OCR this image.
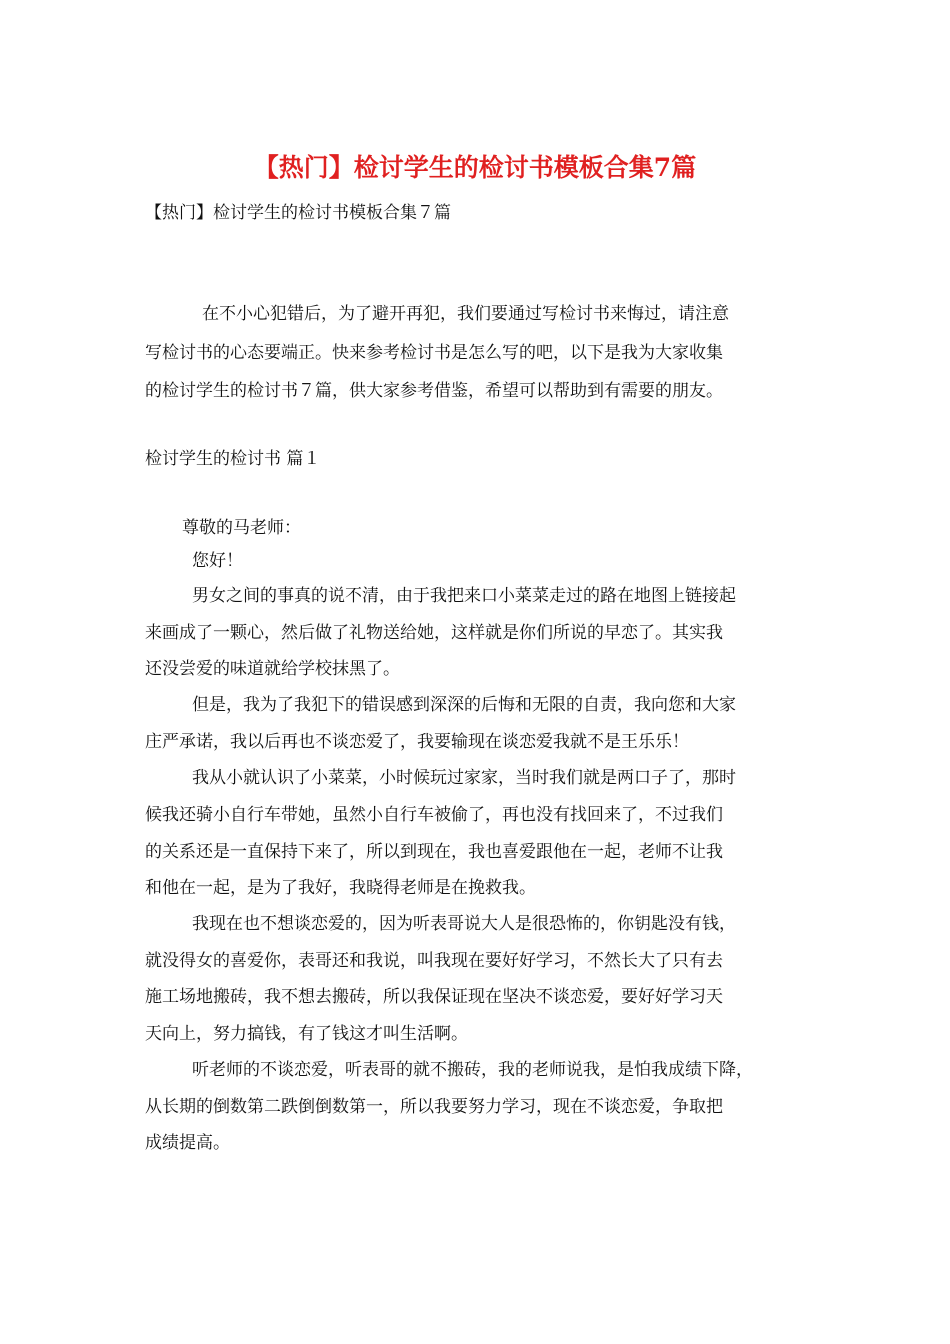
【热门】检讨学生的检讨书模板合集7篇
【热门】检讨学生的检讨书模板合集７篇
在不小心犯错后，为了避开再犯，我们要通过写检讨书来悔过，请注意
写检讨书的心态要端正。快来参考检讨书是怎么写的吧，以下是我为大家收集
的检讨学生的检讨书７篇，供大家参考借鉴，希望可以帮助到有需要的朋友。
检讨学生的检讨书 篇１
尊敬的马老师：
您好！
男女之间的事真的说不清，由于我把来口小菜菜走过的路在地图上链接起
来画成了一颗心，然后做了礼物送给她，这样就是你们所说的早恋了。其实我
还没尝爱的味道就给学校抹黑了。
但是，我为了我犯下的错误感到深深的后悔和无限的自责，我向您和大家
庄严承诺，我以后再也不谈恋爱了，我要输现在谈恋爱我就不是王乐乐！
我从小就认识了小菜菜，小时候玩过家家，当时我们就是两口子了，那时
候我还骑小自行车带她，虽然小自行车被偷了，再也没有找回来了，不过我们
的关系还是一直保持下来了，所以到现在，我也喜爱跟他在一起，老师不让我
和他在一起，是为了我好，我晓得老师是在挽救我。
我现在也不想谈恋爱的，因为听表哥说大人是很恐怖的，你钥匙没有钱，
就没得女的喜爱你，表哥还和我说，叫我现在要好好学习，不然长大了只有去
施工场地搬砖，我不想去搬砖，所以我保证现在坚决不谈恋爱，要好好学习天
天向上，努力搞钱，有了钱这才叫生活啊。
听老师的不谈恋爱，听表哥的就不搬砖，我的老师说我，是怕我成绩下降，
从长期的倒数第二跌倒倒数第一，所以我要努力学习，现在不谈恋爱，争取把
成绩提高。
